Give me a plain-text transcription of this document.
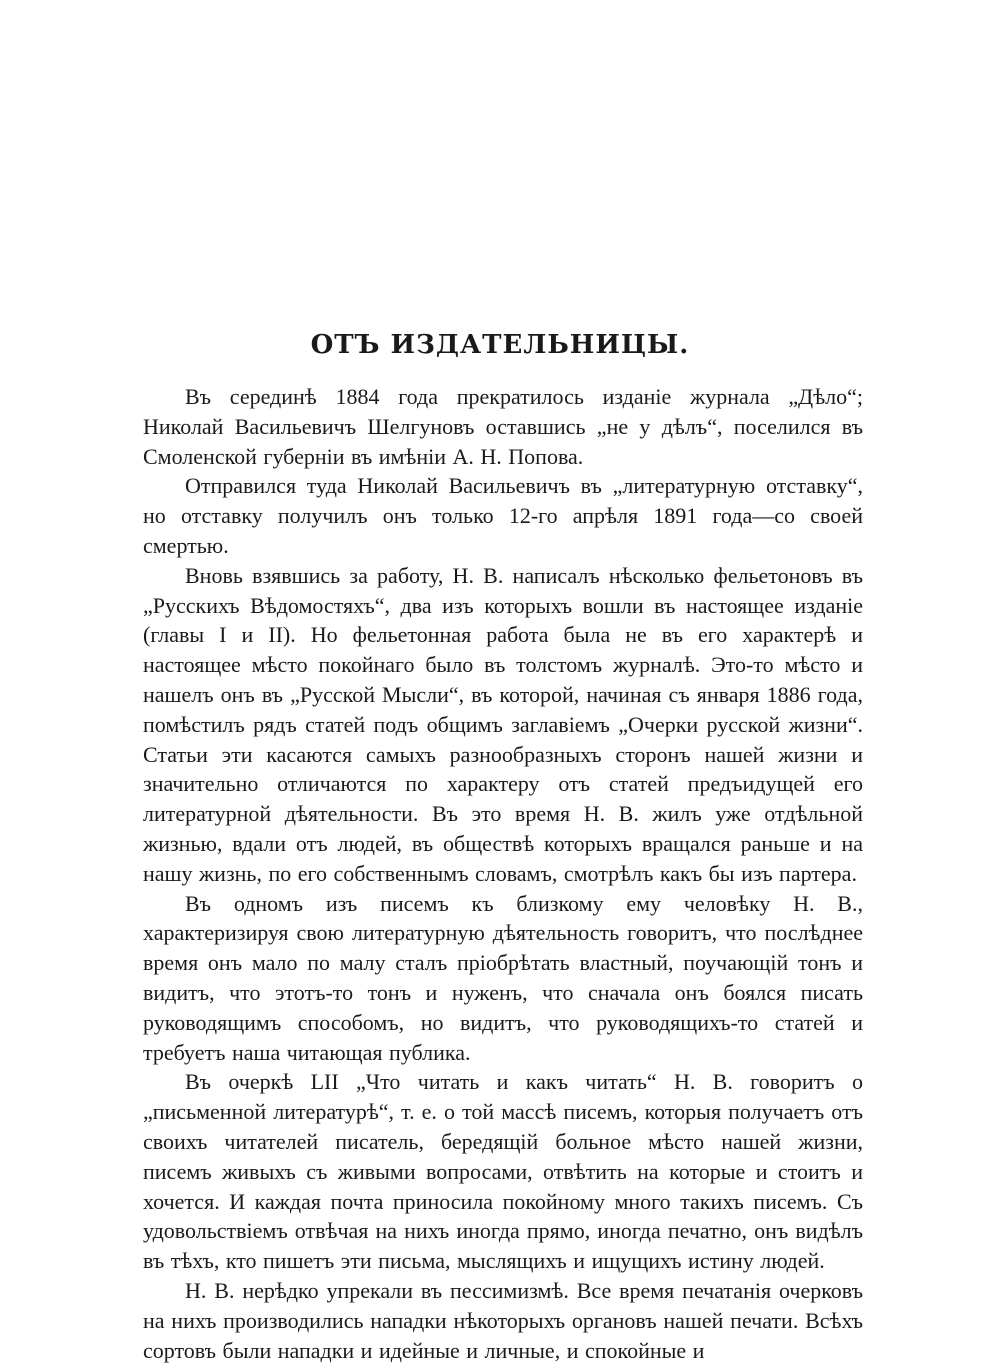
ОТЪ ИЗДАТЕЛЬНИЦЫ.

Въ серединѣ 1884 года прекратилось изданіе журнала „Дѣло“; Николай Васильевичъ Шелгуновъ оставшись „не у дѣлъ“, поселился въ Смоленской губерніи въ имѣніи А. Н. Попова.

Отправился туда Николай Васильевичъ въ „литературную отставку“, но отставку получилъ онъ только 12-го апрѣля 1891 года—со своей смертью.

Вновь взявшись за работу, Н. В. написалъ нѣсколько фельетоновъ въ „Русскихъ Вѣдомостяхъ“, два изъ которыхъ вошли въ настоящее изданіе (главы I и II). Но фельетонная работа была не въ его характерѣ и настоящее мѣсто покойнаго было въ толстомъ журналѣ. Это-то мѣсто и нашелъ онъ въ „Русской Мысли“, въ которой, начиная съ января 1886 года, помѣстилъ рядъ статей подъ общимъ заглавіемъ „Очерки русской жизни“. Статьи эти касаются самыхъ разнообразныхъ сторонъ нашей жизни и значительно отличаются по характеру отъ статей предъидущей его литературной дѣятельности. Въ это время Н. В. жилъ уже отдѣльной жизнью, вдали отъ людей, въ обществѣ которыхъ вращался раньше и на нашу жизнь, по его собственнымъ словамъ, смотрѣлъ какъ бы изъ партера.

Въ одномъ изъ писемъ къ близкому ему человѣку Н. В., характеризируя свою литературную дѣятельность говоритъ, что послѣднее время онъ мало по малу сталъ пріобрѣтать властный, поучающій тонъ и видитъ, что этотъ-то тонъ и нуженъ, что сначала онъ боялся писать руководящимъ способомъ, но видитъ, что руководящихъ-то статей и требуетъ наша читающая публика.

Въ очеркѣ LII „Что читать и какъ читать“ Н. В. говоритъ о „письменной литературѣ“, т. е. о той массѣ писемъ, которыя получаетъ отъ своихъ читателей писатель, бередящій больное мѣсто нашей жизни, писемъ живыхъ съ живыми вопросами, отвѣтить на которые и стоитъ и хочется. И каждая почта приносила покойному много такихъ писемъ. Съ удовольствіемъ отвѣчая на нихъ иногда прямо, иногда печатно, онъ видѣлъ въ тѣхъ, кто пишетъ эти письма, мыслящихъ и ищущихъ истину людей.

Н. В. нерѣдко упрекали въ пессимизмѣ. Все время печатанія очерковъ на нихъ производились нападки нѣкоторыхъ органовъ нашей печати. Всѣхъ сортовъ были нападки и идейные и личные, и спокойные и
